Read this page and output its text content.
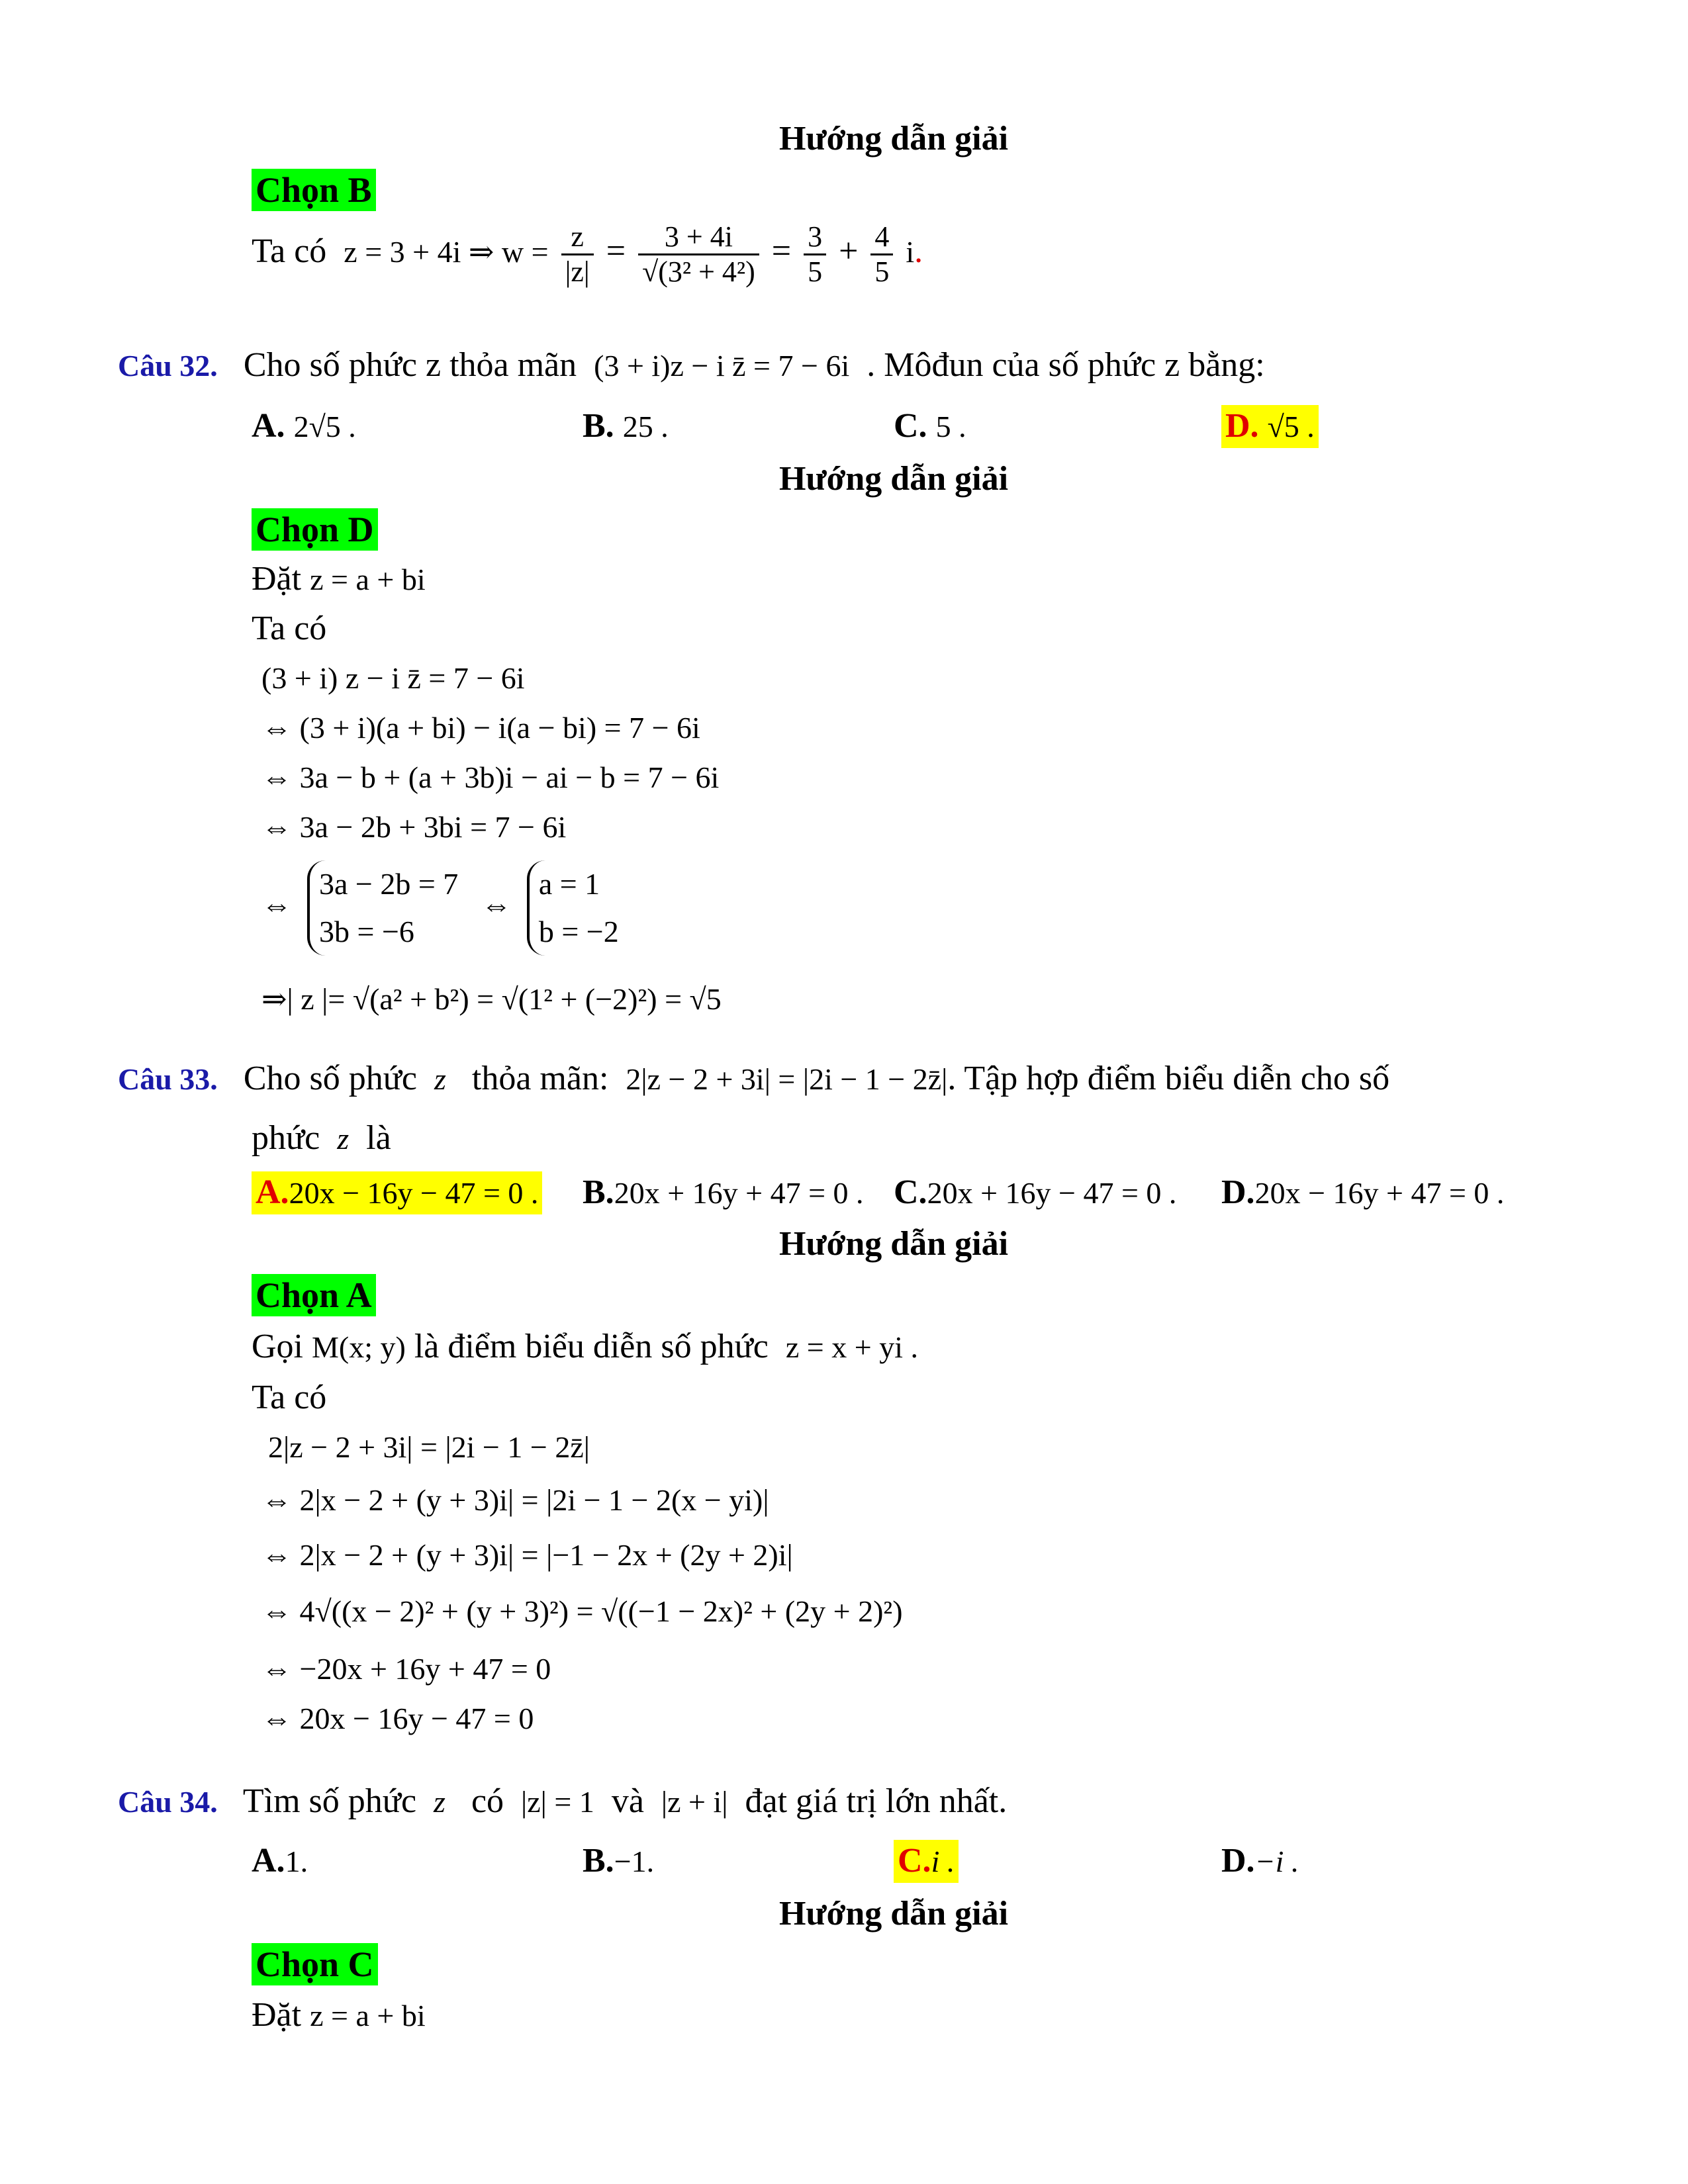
Hướng dẫn giải
Chọn B
Ta có z = 3 + 4i ⇒ $w = \frac{z}{|z|} = \frac{3 + 4i}{\text{√(3² + 4²)}} = \frac{3}{5} + \frac{4}{5} i$.
Câu 32. Cho số phức z thỏa mãn (3 + i)z − i z̄ = 7 − 6i . Môđun của số phức z bằng:
A. 2√5 .	B. 25 .	C. 5 .	D. √5 .
Hướng dẫn giải
Chọn D
Đặt z = a + bi
Ta có
(3 + i) z − i z̄ = 7 − 6i
⇔ (3 + i)(a + bi) − i(a − bi) = 7 − 6i
⇔ 3a − b + (a + 3b)i − ai − b = 7 − 6i
⇔ 3a − 2b + 3bi = 7 − 6i
⇔
3a − 2b = 7
3b = −6
⇔
a = 1
b = −2
⇒| z |= √(a² + b²) = √(1² + (−2)²) = √5
Câu 33. Cho số phức z thỏa mãn: 2|z − 2 + 3i| = |2i − 1 − 2z̄|. Tập hợp điểm biểu diễn cho số
phức z là
A.20x − 16y − 47 = 0 . B.20x + 16y + 47 = 0 . C.20x + 16y − 47 = 0 . D.20x − 16y + 47 = 0 .
Hướng dẫn giải
Chọn A
Gọi M(x; y) là điểm biểu diễn số phức z = x + yi .
Ta có
2|z − 2 + 3i| = |2i − 1 − 2z̄|
⇔ 2|x − 2 + (y + 3)i| = |2i − 1 − 2(x − yi)|
⇔ 2|x − 2 + (y + 3)i| = |−1 − 2x + (2y + 2)i|
⇔ 4√((x − 2)² + (y + 3)²) = √((−1 − 2x)² + (2y + 2)²)
⇔ −20x + 16y + 47 = 0
⇔ 20x − 16y − 47 = 0
Câu 34. Tìm số phức z có |z| = 1 và |z + i| đạt giá trị lớn nhất.
A.1.	B.−1.	C.i .	D.−i .
Hướng dẫn giải
Chọn C
Đặt z = a + bi
